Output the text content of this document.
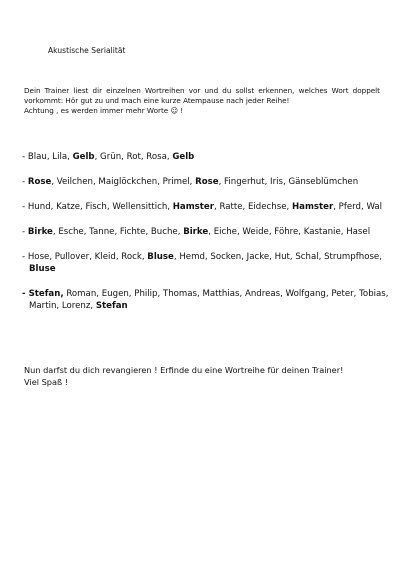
Akustische Serialität
Dein Trainer liest dir einzelnen Wortreihen vor und du sollst erkennen, welches Wort doppelt
vorkommt: Hör gut zu und mach eine kurze Atempause nach jeder Reihe!
Achtung , es werden immer mehr Worte ☺ !
- Blau, Lila, Gelb, Grün, Rot, Rosa, Gelb
- Rose, Veilchen, Maiglöckchen, Primel, Rose, Fingerhut, Iris, Gänseblümchen
- Hund, Katze, Fisch, Wellensittich, Hamster, Ratte, Eidechse, Hamster, Pferd, Wal
- Birke, Esche, Tanne, Fichte, Buche, Birke, Eiche, Weide, Föhre, Kastanie, Hasel
- Hose, Pullover, Kleid, Rock, Bluse, Hemd, Socken, Jacke, Hut, Schal, Strumpfhose,
Bluse
- Stefan, Roman, Eugen, Philip, Thomas, Matthias, Andreas, Wolfgang, Peter, Tobias,
Martin, Lorenz, Stefan
Nun darfst du dich revangieren ! Erfinde du eine Wortreihe für deinen Trainer!
Viel Spaß !
